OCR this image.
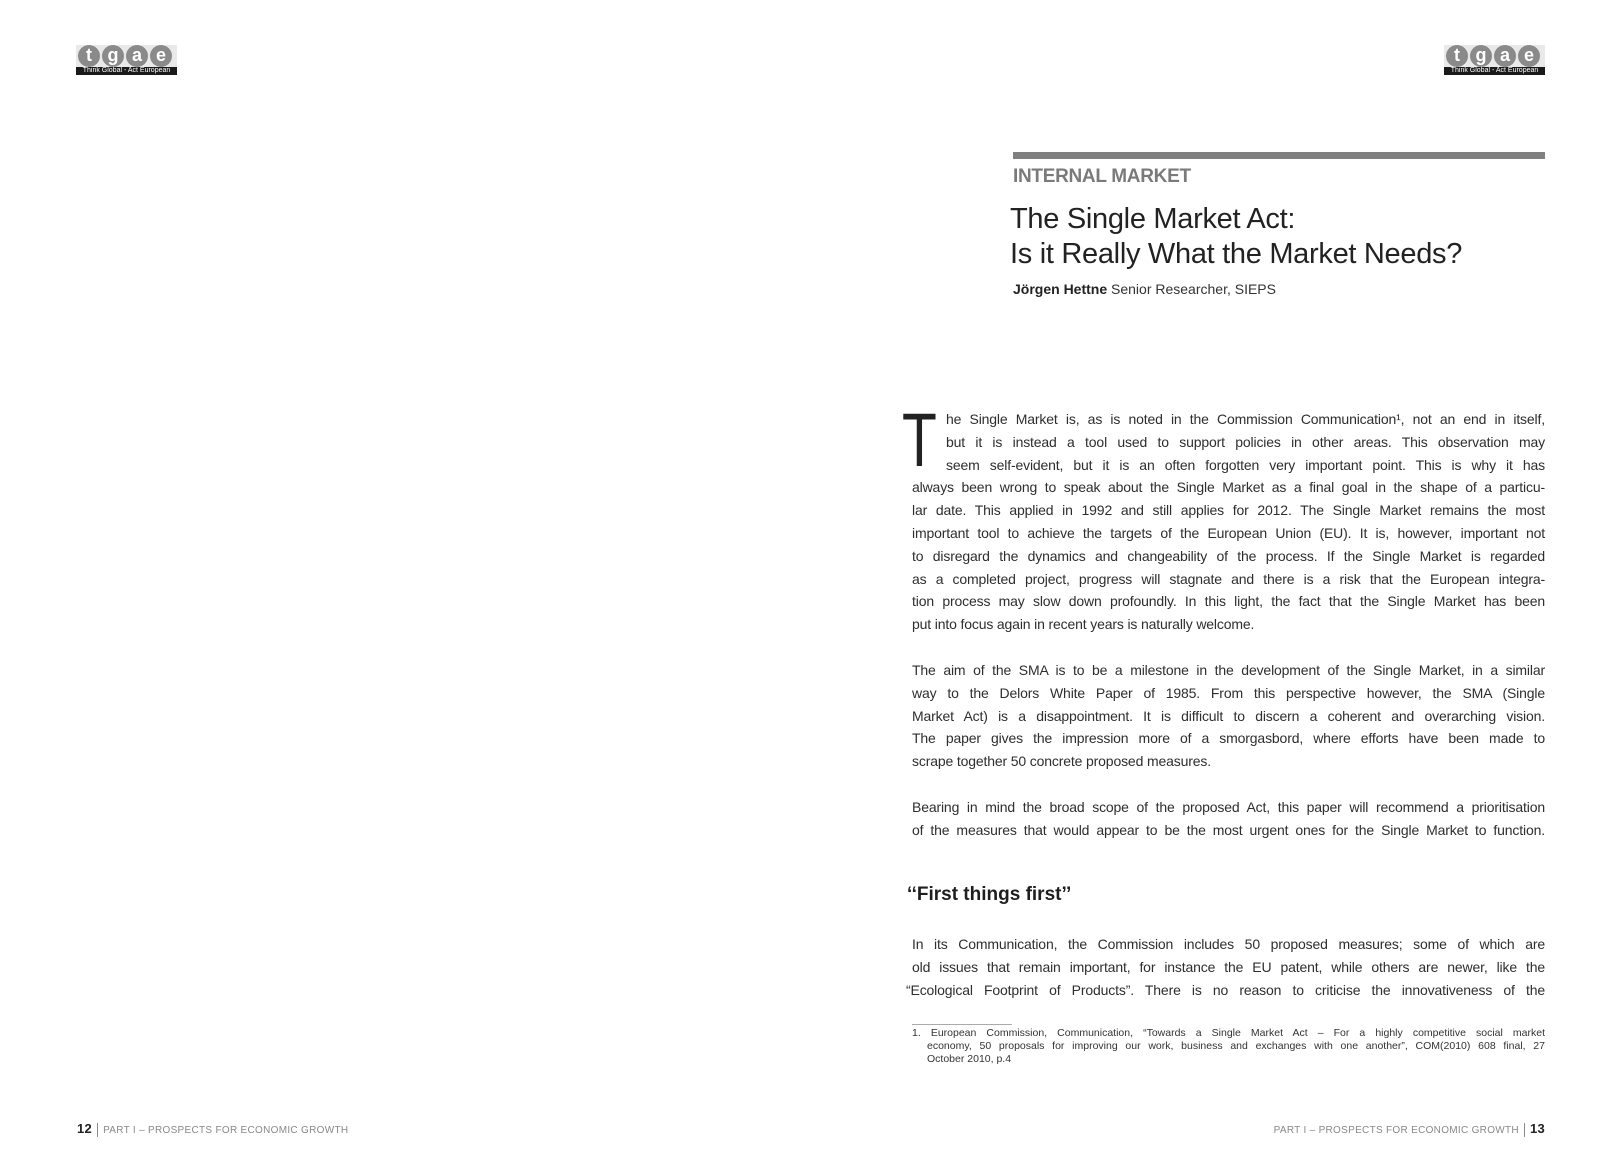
t g a e
Think Global - Act European
t g a e
Think Global - Act European
INTERNAL MARKET
The Single Market Act:
Is it Really What the Market Needs?
Jörgen Hettne Senior Researcher, SIEPS
T he Single Market is, as is noted in the Commission Communication¹, not an end in itself,
but it is instead a tool used to support policies in other areas. This observation may
seem self-evident, but it is an often forgotten very important point. This is why it has
always been wrong to speak about the Single Market as a final goal in the shape of a particu-
lar date. This applied in 1992 and still applies for 2012. The Single Market remains the most
important tool to achieve the targets of the European Union (EU). It is, however, important not
to disregard the dynamics and changeability of the process. If the Single Market is regarded
as a completed project, progress will stagnate and there is a risk that the European integra-
tion process may slow down profoundly. In this light, the fact that the Single Market has been
put into focus again in recent years is naturally welcome.
The aim of the SMA is to be a milestone in the development of the Single Market, in a similar
way to the Delors White Paper of 1985. From this perspective however, the SMA (Single
Market Act) is a disappointment. It is difficult to discern a coherent and overarching vision.
The paper gives the impression more of a smorgasbord, where efforts have been made to
scrape together 50 concrete proposed measures.
Bearing in mind the broad scope of the proposed Act, this paper will recommend a prioritisation
of the measures that would appear to be the most urgent ones for the Single Market to function.
‘‘First things first’’
In its Communication, the Commission includes 50 proposed measures; some of which are
old issues that remain important, for instance the EU patent, while others are newer, like the
“Ecological Footprint of Products”. There is no reason to criticise the innovativeness of the
1. European Commission, Communication, “Towards a Single Market Act – For a highly competitive social market
economy, 50 proposals for improving our work, business and exchanges with one another”, COM(2010) 608 final, 27
October 2010, p.4
12 PART I – PROSPECTS FOR ECONOMIC GROWTH	PART I – PROSPECTS FOR ECONOMIC GROWTH 13
